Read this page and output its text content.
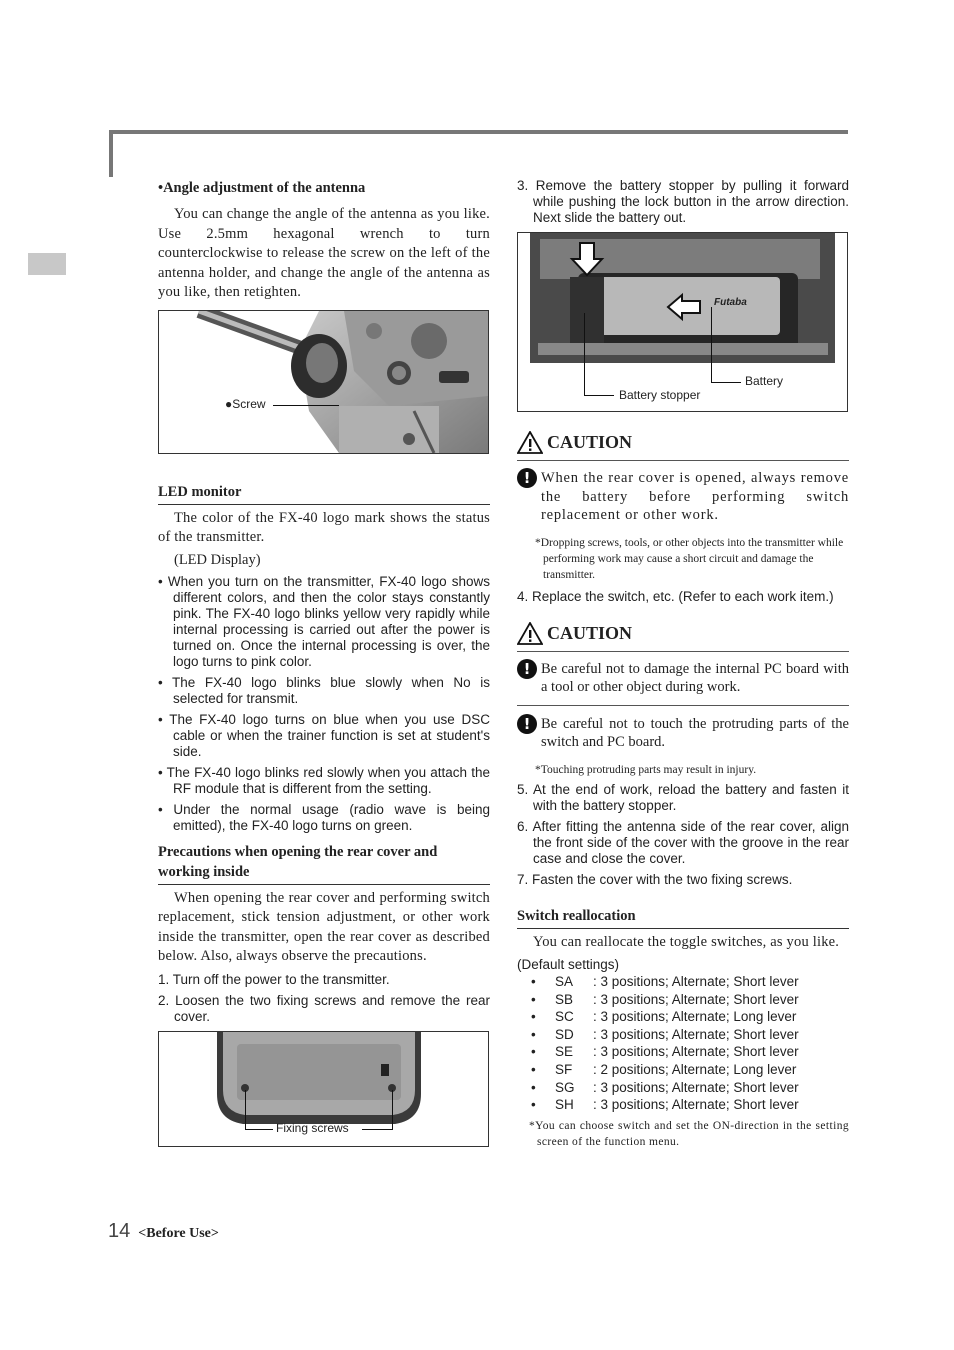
•Angle adjustment of the antenna

You can change the angle of the antenna as you like. Use 2.5mm hexagonal wrench to turn counterclockwise to release the screw on the left of the antenna holder, and change the angle of the antenna as you like, then retighten.

●Screw
LED monitor

The color of the FX-40 logo mark shows the status of the transmitter.

(LED Display)

• When you turn on the transmitter, FX-40 logo shows different colors, and then the color stays constantly pink. The FX-40 logo blinks yellow very rapidly while internal processing is carried out after the power is turned on. Once the internal processing is over, the logo turns to pink color.

• The FX-40 logo blinks blue slowly when No is selected for transmit.

• The FX-40 logo turns on blue when you use DSC cable or when the trainer function is set at student's side.

• The FX-40 logo blinks red slowly when you attach the RF module that is different from the setting.

• Under the normal usage (radio wave is being emitted), the FX-40 logo turns on green.

Precautions when opening the rear cover and working inside

When opening the rear cover and performing switch replacement, stick tension adjustment, or other work inside the transmitter, open the rear cover as described below. Also, always observe the precautions.

1. Turn off the power to the transmitter.

2. Loosen the two fixing screws and remove the rear cover.

Fixing screws

3. Remove the battery stopper by pulling it forward while pushing the lock button in the arrow direction. Next slide the battery out.

Futaba
Battery
Battery stopper
CAUTION
! When the rear cover is opened, always remove the battery before performing switch replacement or other work.

*Dropping screws, tools, or other objects into the transmitter while performing work may cause a short circuit and damage the transmitter.

4. Replace the switch, etc. (Refer to each work item.)

CAUTION
! Be careful not to damage the internal PC board with a tool or other object during work.

! Be careful not to touch the protruding parts of the switch and PC board.

*Touching protruding parts may result in injury.

5. At the end of work, reload the battery and fasten it with the battery stopper.

6. After fitting the antenna side of the rear cover, align the front side of the cover with the groove in the rear case and close the cover.

7. Fasten the cover with the two fixing screws.

Switch reallocation

You can reallocate the toggle switches, as you like.

(Default settings)
•	SA	: 3 positions; Alternate; Short lever
•	SB	: 3 positions; Alternate; Short lever
•	SC	: 3 positions; Alternate; Long lever
•	SD	: 3 positions; Alternate; Short lever
•	SE	: 3 positions; Alternate; Short lever
•	SF	: 2 positions; Alternate; Long lever
•	SG	: 3 positions; Alternate; Short lever
•	SH	: 3 positions; Alternate; Short lever

*You can choose switch and set the ON-direction in the setting screen of the function menu.

14 <Before Use>
